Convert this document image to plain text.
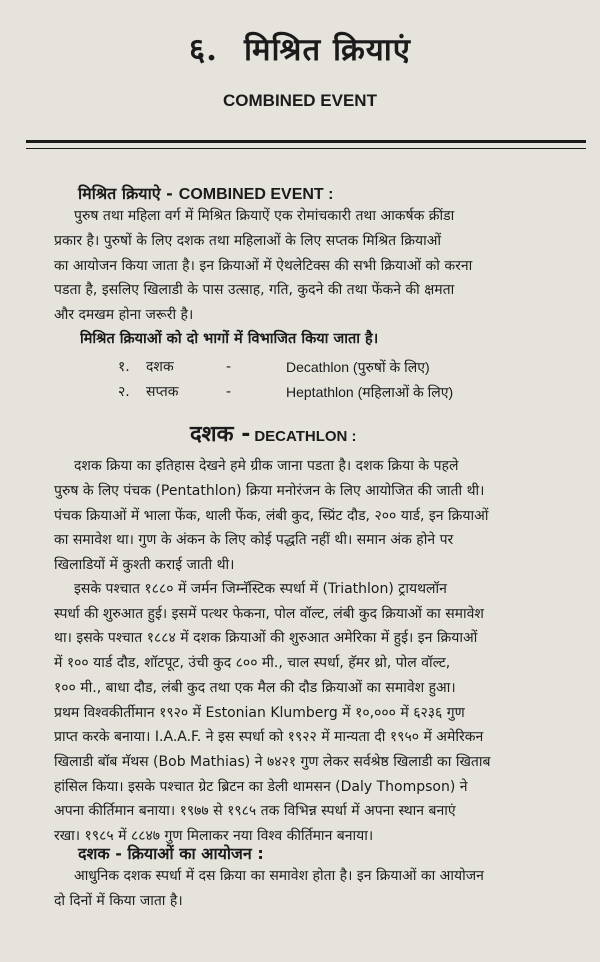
६. मिश्रित क्रियाएं
COMBINED EVENT
मिश्रित क्रियाऐ - COMBINED EVENT :

पुरुष तथा महिला वर्ग में मिश्रित क्रियाऐं एक रोमांचकारी तथा आकर्षक क्रींडा
प्रकार है। पुरुषों के लिए दशक तथा महिलाओं के लिए सप्तक मिश्रित क्रियाओं
का आयोजन किया जाता है। इन क्रियाओं में ऐथलेटिक्स की सभी क्रियाओं को करना
पडता है, इसलिए खिलाडी के पास उत्साह, गति, कुदने की तथा फेंकने की क्षमता
और दमखम होना जरूरी है।

मिश्रित क्रियाओं को दो भागों में विभाजित किया जाता है।

१.	दशक	-	Decathlon (पुरुषों के लिए)
२.	सप्तक	-	Heptathlon (महिलाओं के लिए)
दशक - DECATHLON :

दशक क्रिया का इतिहास देखने हमे ग्रीक जाना पडता है। दशक क्रिया के पहले
पुरुष के लिए पंचक (Pentathlon) क्रिया मनोरंजन के लिए आयोजित की जाती थी।
पंचक क्रियाओं में भाला फेंक, थाली फेंक, लंबी कुद, स्प्रिंट दौड, २०० यार्ड, इन क्रियाओं
का समावेश था। गुण के अंकन के लिए कोई पद्धति नहीं थी। समान अंक होने पर
खिलाडियों में कुश्ती कराई जाती थी।

इसके पश्चात १८८० में जर्मन जिम्नॅस्टिक स्पर्धा में (Triathlon) ट्रायथलॉन
स्पर्धा की शुरुआत हुई। इसमें पत्थर फेकना, पोल वॉल्ट, लंबी कुद क्रियाओं का समावेश
था। इसके पश्चात १८८४ में दशक क्रियाओं की शुरुआत अमेरिका में हुई। इन क्रियाओं
में १०० यार्ड दौड, शॉटपूट, उंची कुद ८०० मी., चाल स्पर्धा, हॅमर थ्रो, पोल वॉल्ट,
१०० मी., बाधा दौड, लंबी कुद तथा एक मैल की दौड क्रियाओं का समावेश हुआ।
प्रथम विश्वकीर्तीमान १९२० में Estonian Klumberg में १०,००० में ६२३६ गुण
प्राप्त करके बनाया। I.A.A.F. ने इस स्पर्धा को १९२२ में मान्यता दी १९५० में अमेरिकन
खिलाडी बॉब मॅथस (Bob Mathias) ने ७४२१ गुण लेकर सर्वश्रेष्ठ खिलाडी का खिताब
हांसिल किया। इसके पश्चात ग्रेट ब्रिटन का डेली थामसन (Daly Thompson) ने
अपना कीर्तिमान बनाया। १९७७ से १९८५ तक विभिन्न स्पर्धा में अपना स्थान बनाएं
रखा। १९८५ में ८८४७ गुण मिलाकर नया विश्व कीर्तिमान बनाया।

दशक - क्रियाओं का आयोजन :

आधुनिक दशक स्पर्धा में दस क्रिया का समावेश होता है। इन क्रियाओं का आयोजन
दो दिनों में किया जाता है।
